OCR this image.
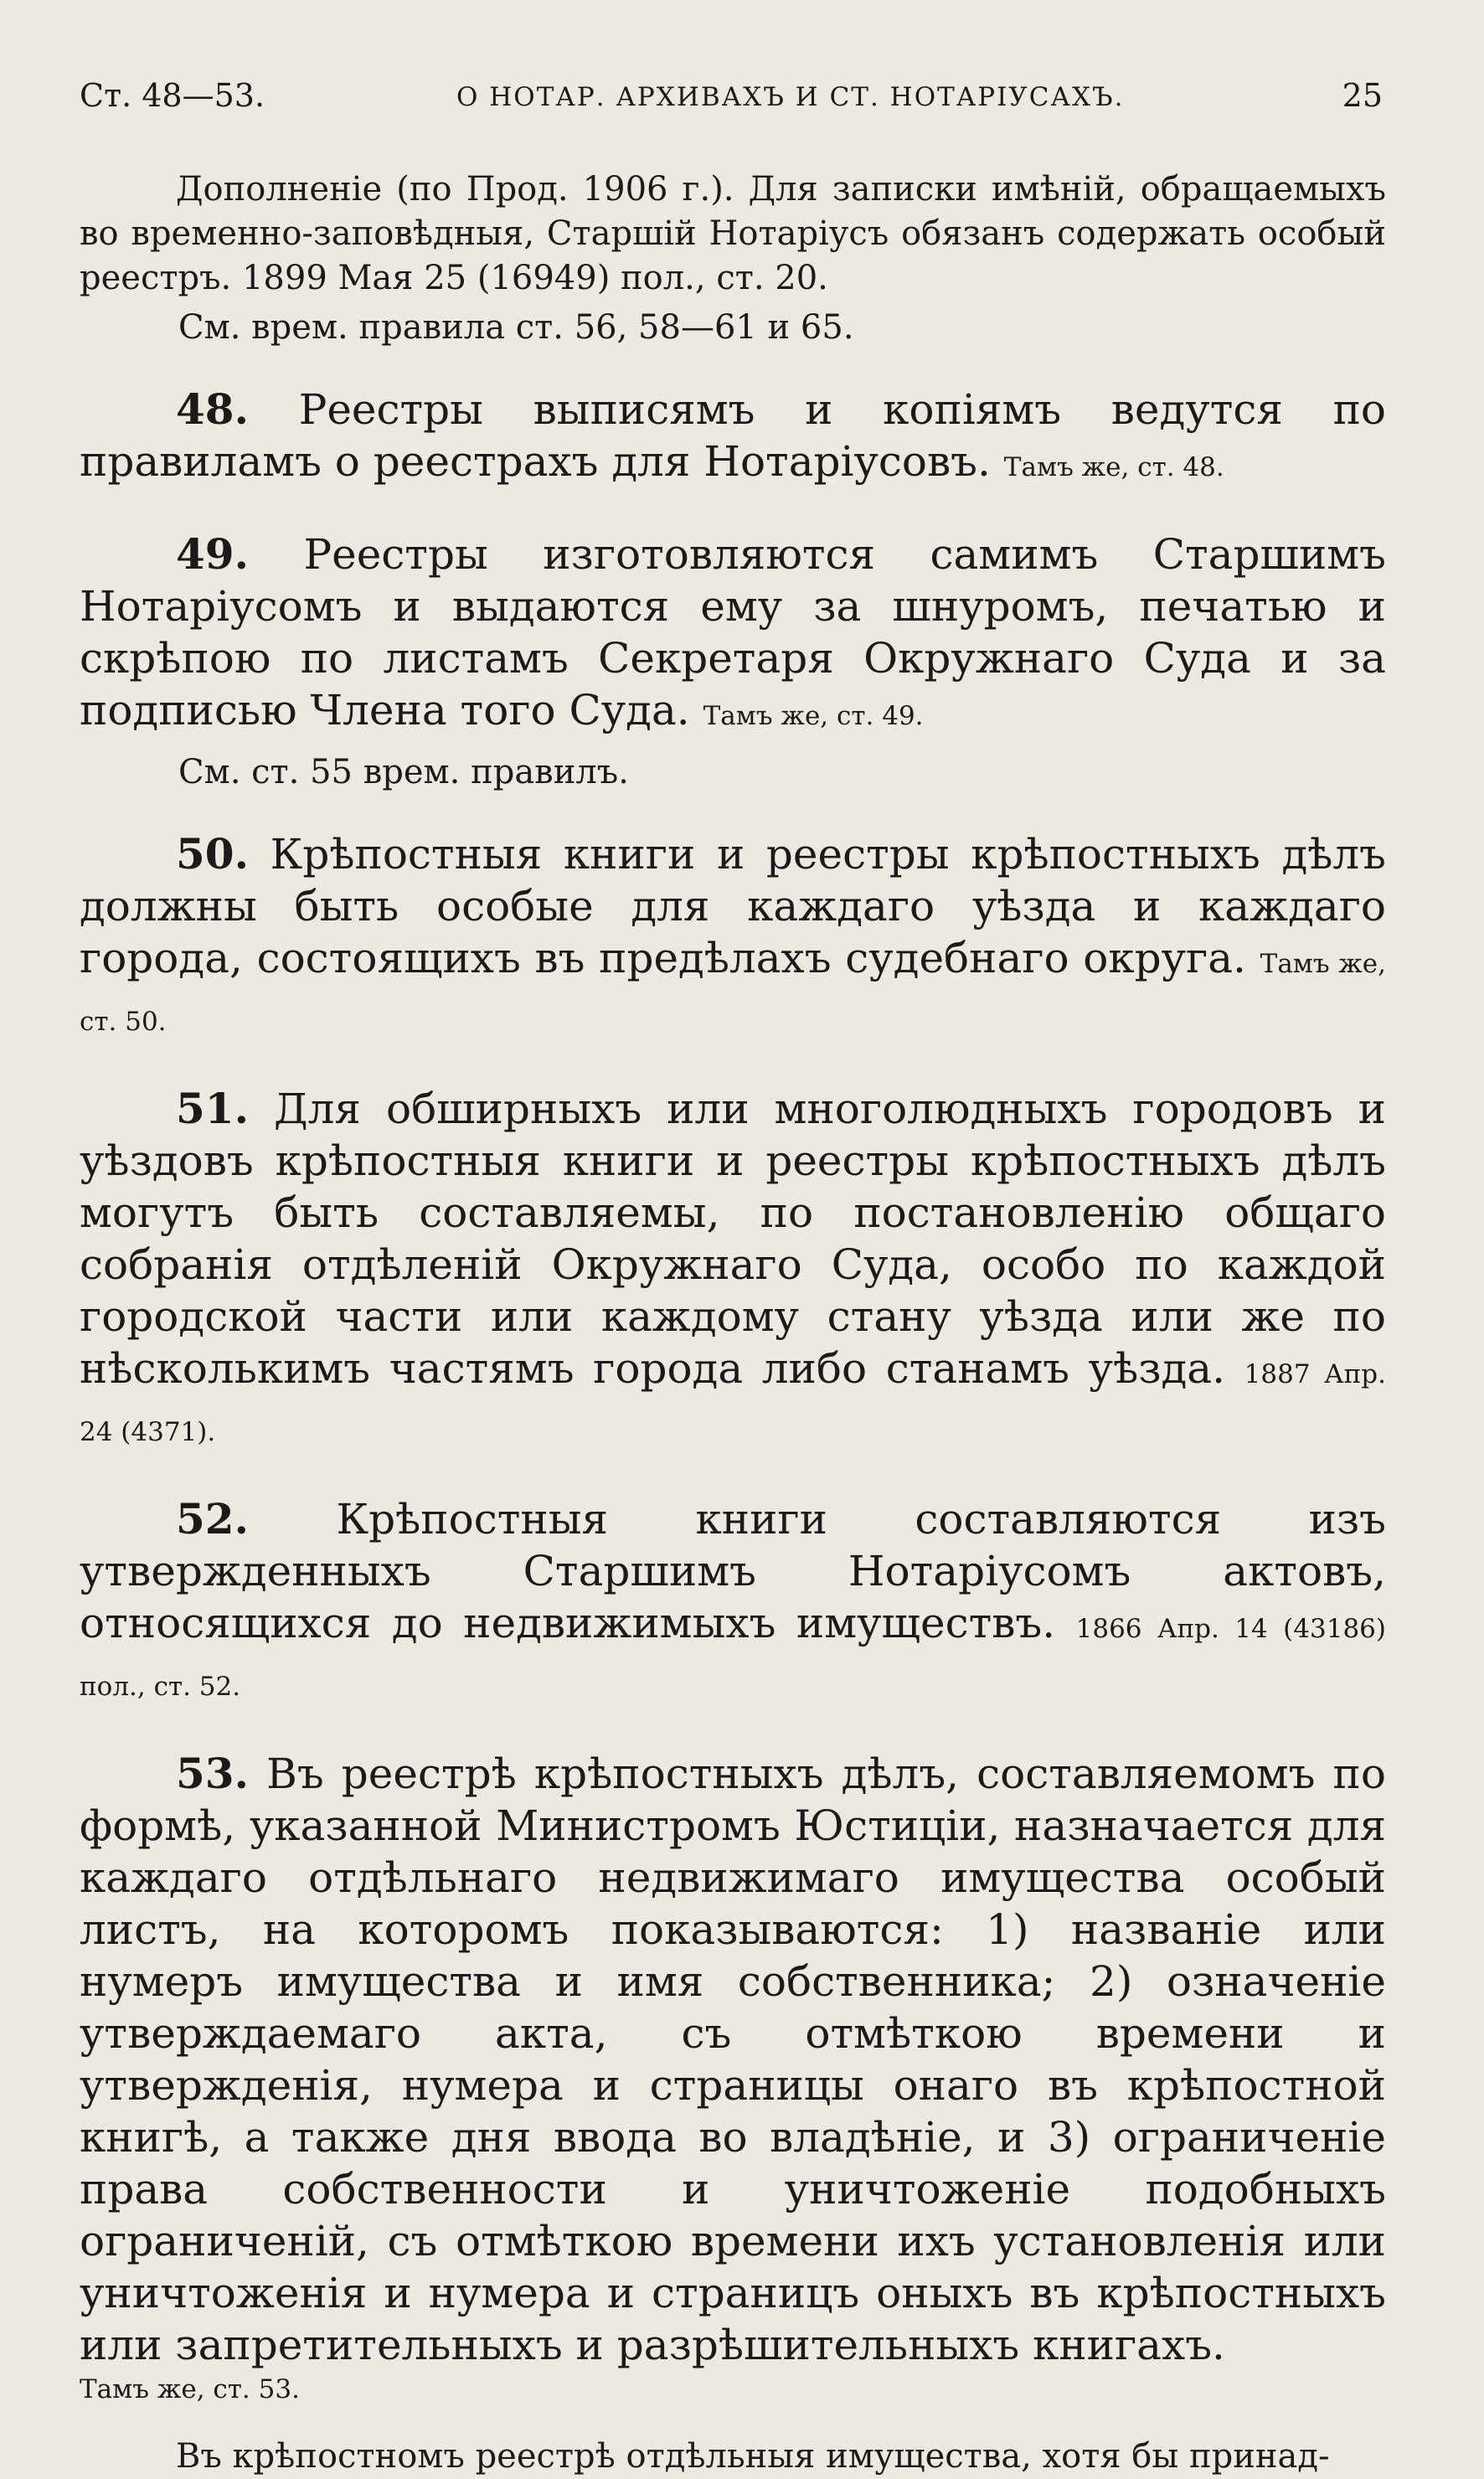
Ст. 48—53.	О НОТАР. АРХИВАХЪ И СТ. НОТАРІУСАХЪ.	25

Дополненіе (по Прод. 1906 г.). Для записки имѣній, обращаемыхъ во временно-заповѣдныя, Старшій Нотаріусъ обязанъ содержать особый реестръ. 1899 Мая 25 (16949) пол., ст. 20.

См. врем. правила ст. 56, 58—61 и 65.

48. Реестры выписямъ и копіямъ ведутся по правиламъ о реестрахъ для Нотаріусовъ. Тамъ же, ст. 48.

49. Реестры изготовляются самимъ Старшимъ Нотаріусомъ и выдаются ему за шнуромъ, печатью и скрѣпою по листамъ Секретаря Окружнаго Суда и за подписью Члена того Суда. Тамъ же, ст. 49.

См. ст. 55 врем. правилъ.

50. Крѣпостныя книги и реестры крѣпостныхъ дѣлъ должны быть особые для каждаго уѣзда и каждаго города, состоящихъ въ предѣлахъ судебнаго округа. Тамъ же, ст. 50.

51. Для обширныхъ или многолюдныхъ городовъ и уѣздовъ крѣпостныя книги и реестры крѣпостныхъ дѣлъ могутъ быть составляемы, по постановленію общаго собранія отдѣленій Окружнаго Суда, особо по каждой городской части или каждому стану уѣзда или же по нѣсколькимъ частямъ города либо станамъ уѣзда. 1887 Апр. 24 (4371).

52. Крѣпостныя книги составляются изъ утвержденныхъ Старшимъ Нотаріусомъ актовъ, относящихся до недвижимыхъ имуществъ. 1866 Апр. 14 (43186) пол., ст. 52.

53. Въ реестрѣ крѣпостныхъ дѣлъ, составляемомъ по формѣ, указанной Министромъ Юстиціи, назначается для каждаго отдѣльнаго недвижимаго имущества особый листъ, на которомъ показываются: 1) названіе или нумеръ имущества и имя собственника; 2) означеніе утверждаемаго акта, съ отмѣткою времени и утвержденія, нумера и страницы онаго въ крѣпостной книгѣ, а также дня ввода во владѣніе, и 3) ограниченіе права собственности и уничтоженіе подобныхъ ограниченій, съ отмѣткою времени ихъ установленія или уничтоженія и нумера и страницъ оныхъ въ крѣпостныхъ или запретительныхъ и разрѣшительныхъ книгахъ.

Тамъ же, ст. 53.

Въ крѣпостномъ реестрѣ отдѣльныя имущества, хотя бы принад-
